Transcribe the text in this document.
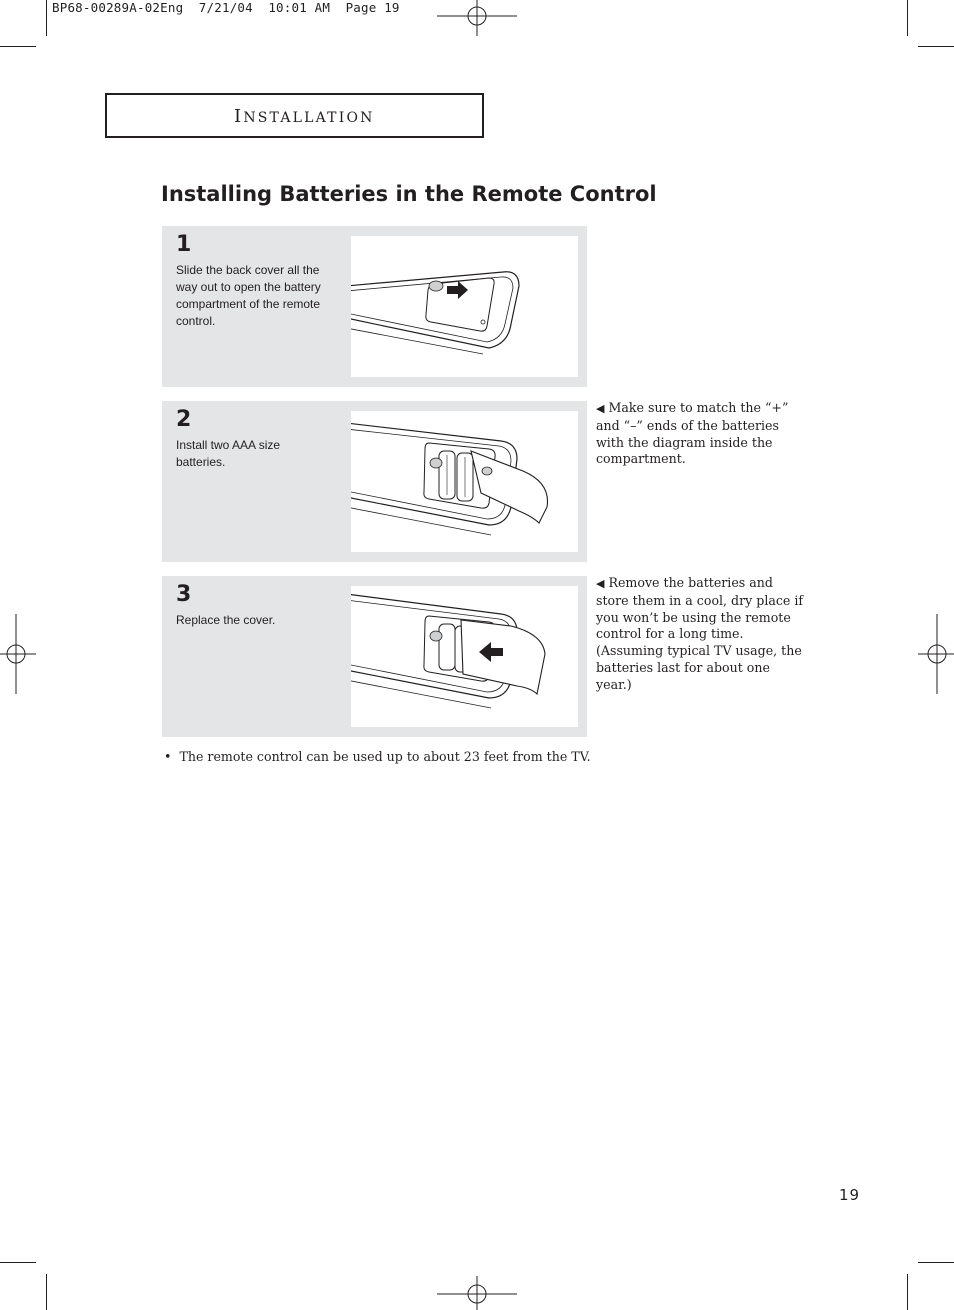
BP68-00289A-02Eng  7/21/04  10:01 AM  Page 19
INSTALLATION
Installing Batteries in the Remote Control
1
Slide the back cover all the way out to open the battery compartment of the remote control.
2
Install two AAA size batteries.
3
Replace the cover.
◀ Make sure to match the “+” and “–” ends of the batteries with the diagram inside the compartment.
◀ Remove the batteries and store them in a cool, dry place if you won’t be using the remote control for a long time. (Assuming typical TV usage, the batteries last for about one year.)
• The remote control can be used up to about 23 feet from the TV.
19
